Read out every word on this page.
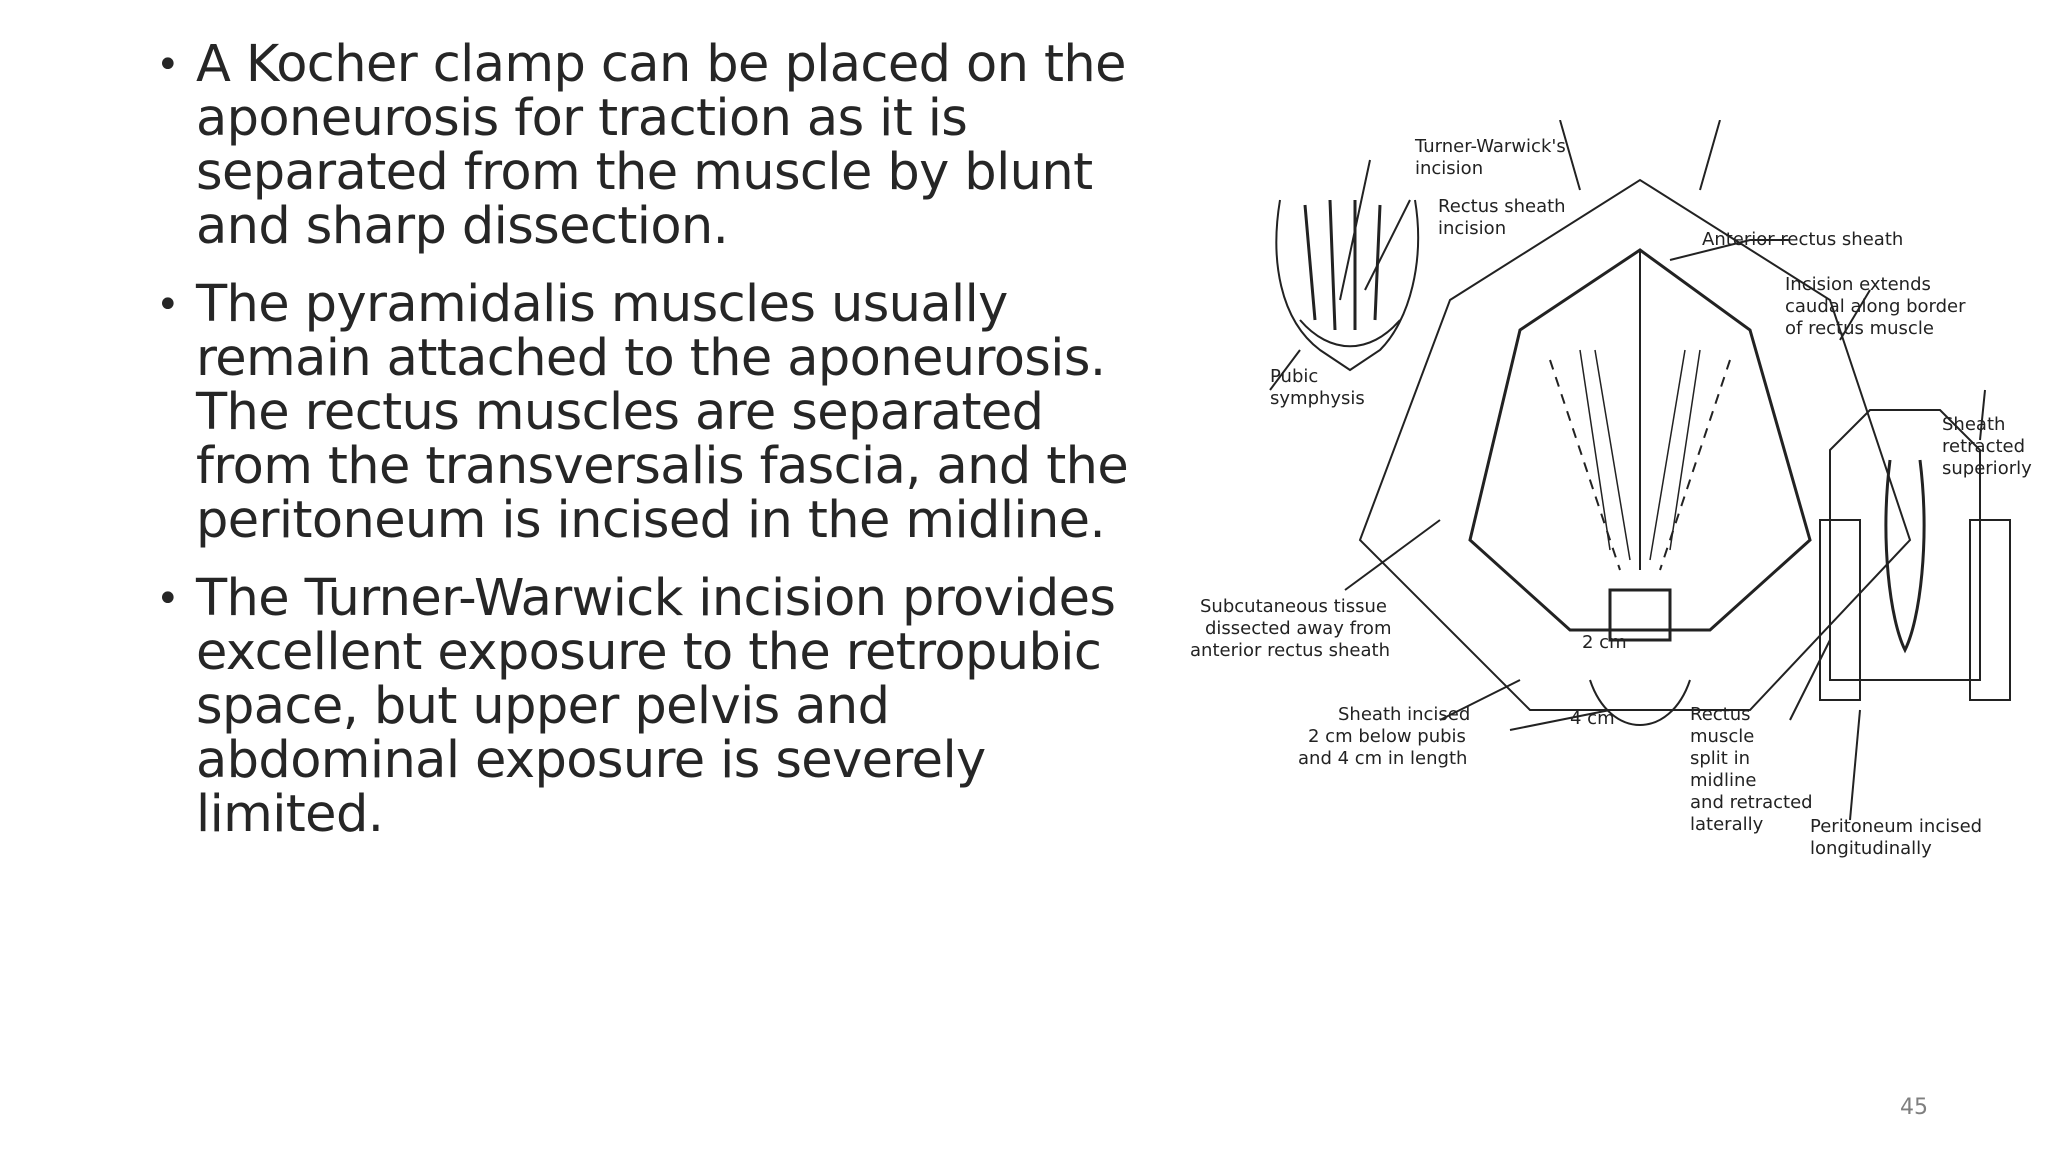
• A Kocher clamp can be placed on the aponeurosis for traction as it is separated from the muscle by blunt and sharp dissection.
• The pyramidalis muscles usually remain attached to the aponeurosis. The rectus muscles are separated from the transversalis fascia, and the peritoneum is incised in the midline.
• The Turner-Warwick incision provides excellent exposure to the retropubic space, but upper pelvis and abdominal exposure is severely limited.
Turner-Warwick's
incision
Rectus sheath
incision
Anterior rectus sheath
Incision extends
caudal along border
of rectus muscle
Pubic
symphysis
Sheath
retracted
superiorly
Subcutaneous tissue
dissected away from
anterior rectus sheath	2 cm
4 cm
Sheath incised
2 cm below pubis
and 4 cm in length
Rectus
muscle
split in
midline
and retracted
laterally	Peritoneum incised
longitudinally
45
